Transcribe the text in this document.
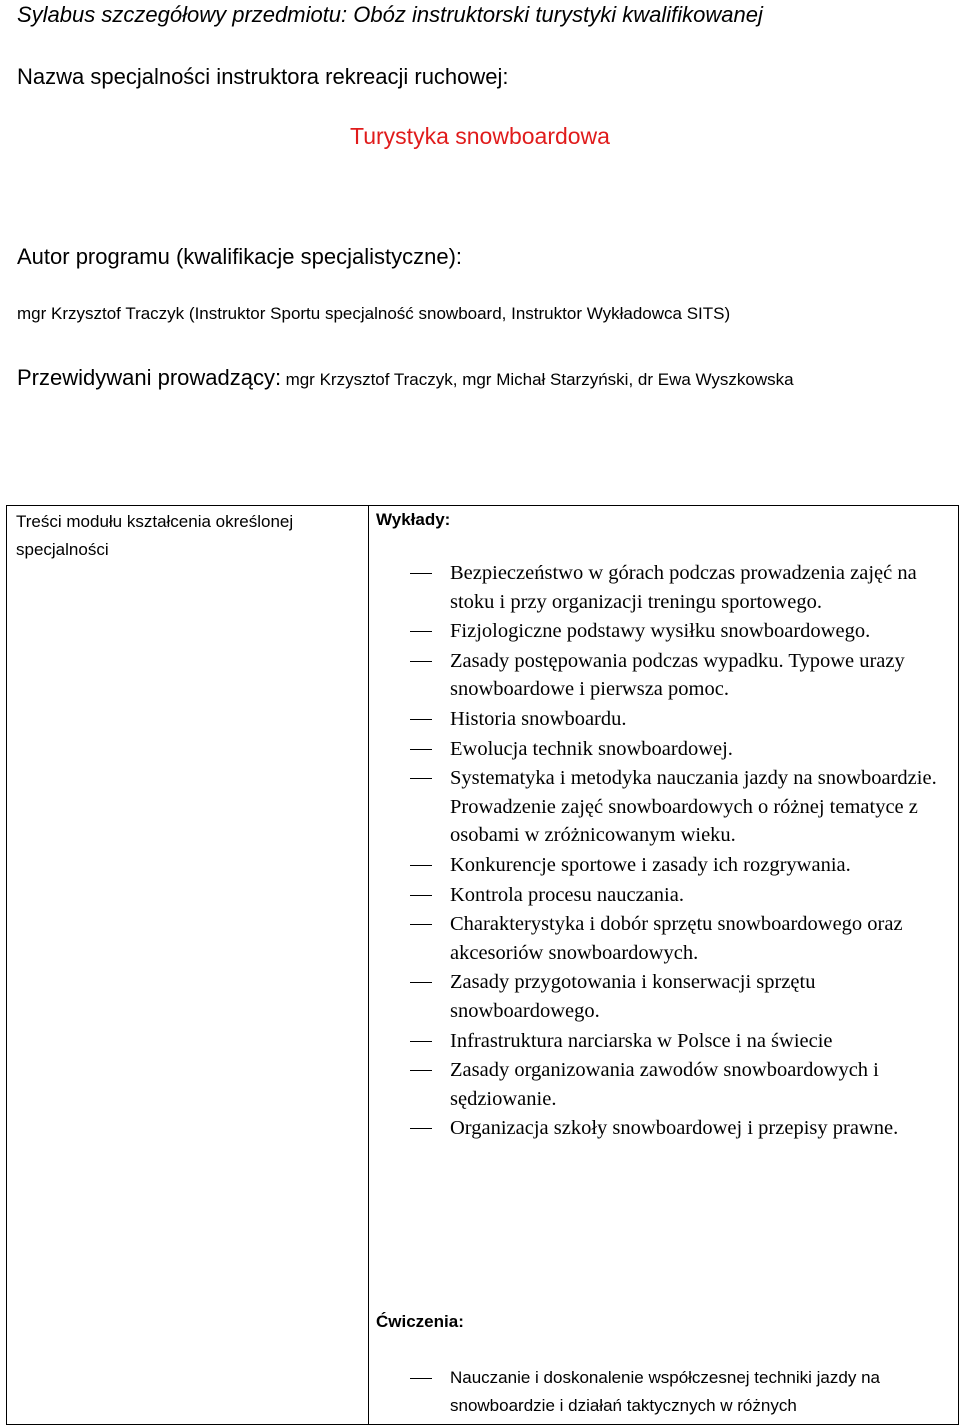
Sylabus szczegółowy przedmiotu: Obóz instruktorski turystyki kwalifikowanej
Nazwa specjalności instruktora rekreacji ruchowej:
Turystyka snowboardowa
Autor programu (kwalifikacje specjalistyczne):
mgr Krzysztof Traczyk (Instruktor Sportu specjalność snowboard, Instruktor Wykładowca SITS)
Przewidywani prowadzący: mgr Krzysztof Traczyk, mgr Michał Starzyński, dr Ewa Wyszkowska
Treści modułu kształcenia określonej specjalności
Wykłady:
Bezpieczeństwo w górach podczas prowadzenia zajęć na stoku i przy organizacji treningu sportowego.
Fizjologiczne podstawy wysiłku snowboardowego.
Zasady postępowania podczas wypadku. Typowe urazy snowboardowe i pierwsza pomoc.
Historia snowboardu.
Ewolucja technik snowboardowej.
Systematyka i metodyka nauczania jazdy na snowboardzie. Prowadzenie zajęć snowboardowych o różnej tematyce z osobami w zróżnicowanym wieku.
Konkurencje sportowe i zasady ich rozgrywania.
Kontrola procesu nauczania.
Charakterystyka i dobór sprzętu snowboardowego oraz akcesoriów snowboardowych.
Zasady przygotowania i konserwacji sprzętu snowboardowego.
Infrastruktura narciarska w Polsce i na świecie
Zasady organizowania zawodów snowboardowych i sędziowanie.
Organizacja szkoły snowboardowej i przepisy prawne.
Ćwiczenia:
Nauczanie i doskonalenie współczesnej techniki jazdy na snowboardzie i działań taktycznych w różnych
